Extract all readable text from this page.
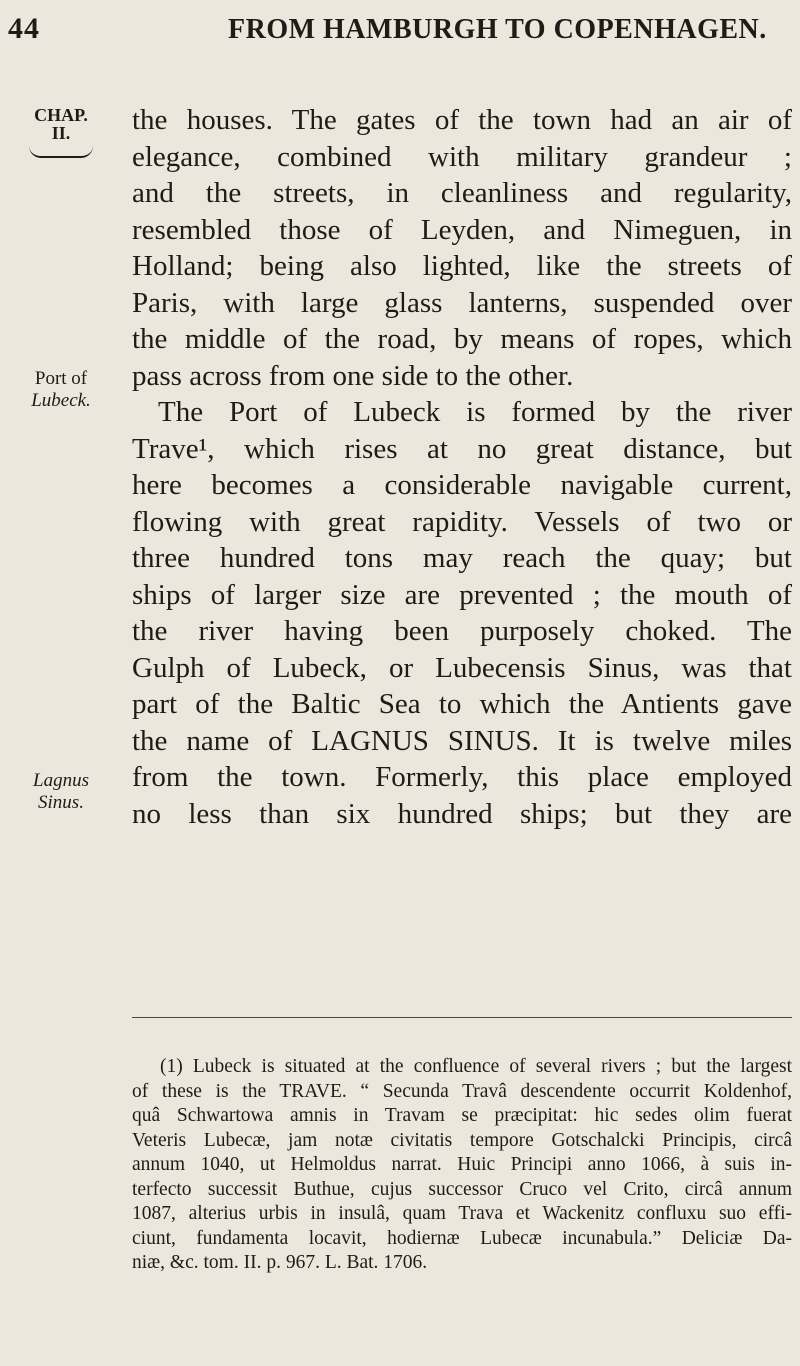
44	FROM HAMBURGH TO COPENHAGEN.
CHAP.
II.
Port of
Lubeck.
Lagnus
Sinus.
the houses. The gates of the town had an air of
elegance, combined with military grandeur ;
and the streets, in cleanliness and regularity,
resembled those of Leyden, and Nimeguen, in
Holland; being also lighted, like the streets of
Paris, with large glass lanterns, suspended over
the middle of the road, by means of ropes, which
pass across from one side to the other.
The Port of Lubeck is formed by the river
Trave¹, which rises at no great distance, but
here becomes a considerable navigable current,
flowing with great rapidity. Vessels of two or
three hundred tons may reach the quay; but
ships of larger size are prevented ; the mouth of
the river having been purposely choked. The
Gulph of Lubeck, or Lubecensis Sinus, was that
part of the Baltic Sea to which the Antients gave
the name of LAGNUS SINUS. It is twelve miles
from the town. Formerly, this place employed
no less than six hundred ships; but they are
(1) Lubeck is situated at the confluence of several rivers ; but the largest
of these is the TRAVE. “ Secunda Travâ descendente occurrit Koldenhof,
quâ Schwartowa amnis in Travam se præcipitat: hic sedes olim fuerat
Veteris Lubecæ, jam notæ civitatis tempore Gotschalcki Principis, circâ
annum 1040, ut Helmoldus narrat. Huic Principi anno 1066, à suis in-
terfecto successit Buthue, cujus successor Cruco vel Crito, circâ annum
1087, alterius urbis in insulâ, quam Trava et Wackenitz confluxu suo effi-
ciunt, fundamenta locavit, hodiernæ Lubecæ incunabula.” Deliciæ Da-
niæ, &c. tom. II. p. 967. L. Bat. 1706.
